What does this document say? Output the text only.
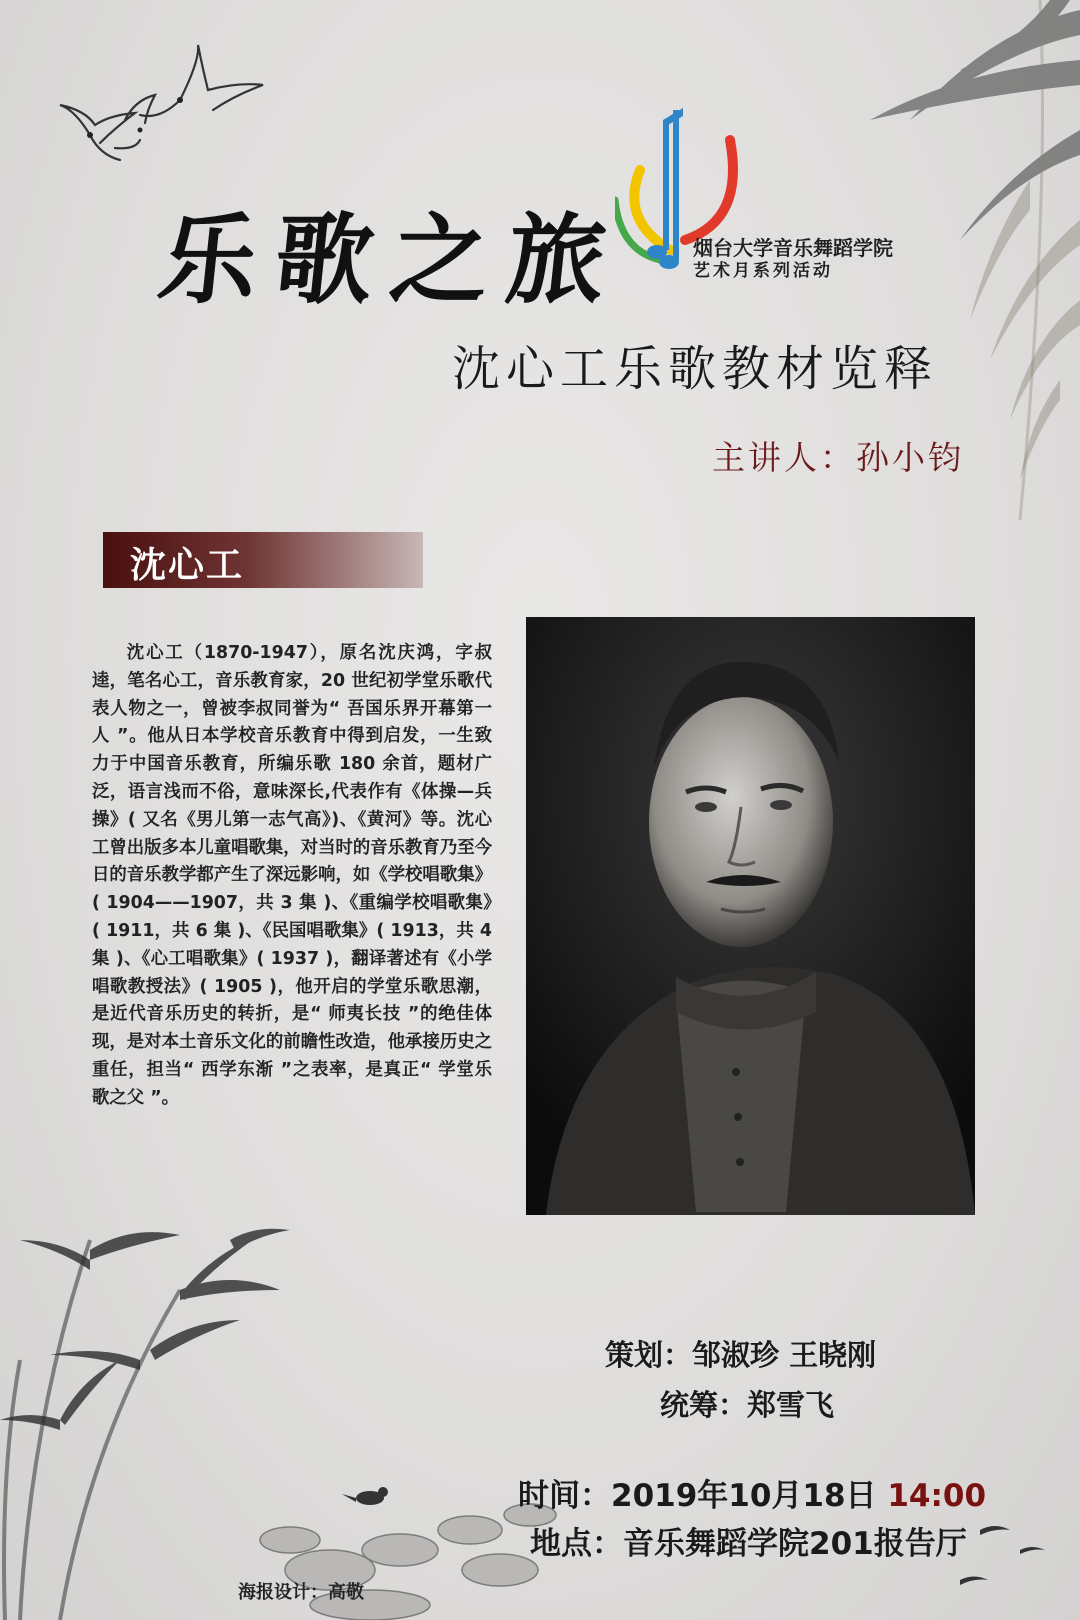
乐歌之旅	烟台大学音乐舞蹈学院
艺术月系列活动
沈心工乐歌教材览释
主讲人：孙小钧
沈心工

沈心工（1870-1947），原名沈庆鸿，字叔逵，笔名心工，音乐教育家，20 世纪初学堂乐歌代表人物之一，曾被李叔同誉为“ 吾国乐界开幕第一人 ”。他从日本学校音乐教育中得到启发，一生致力于中国音乐教育，所编乐歌 180 余首，题材广泛，语言浅而不俗，意味深长,代表作有《体操—兵操》( 又名《男儿第一志气高》)、《黄河》等。沈心工曾出版多本儿童唱歌集，对当时的音乐教育乃至今日的音乐教学都产生了深远影响，如《学校唱歌集》( 1904——1907，共 3 集 )、《重编学校唱歌集》( 1911，共 6 集 )、《民国唱歌集》( 1913，共 4 集 )、《心工唱歌集》( 1937 )，翻译著述有《小学唱歌教授法》( 1905 )，他开启的学堂乐歌思潮，是近代音乐历史的转折，是“ 师夷长技 ”的绝佳体现，是对本土音乐文化的前瞻性改造，他承接历史之重任，担当“ 西学东渐 ”之表率，是真正“ 学堂乐歌之父 ”。

策划：邹淑珍 王晓刚
统筹：郑雪飞
时间：2019年10月18日 14:00
地点：音乐舞蹈学院201报告厅
海报设计：高敬
